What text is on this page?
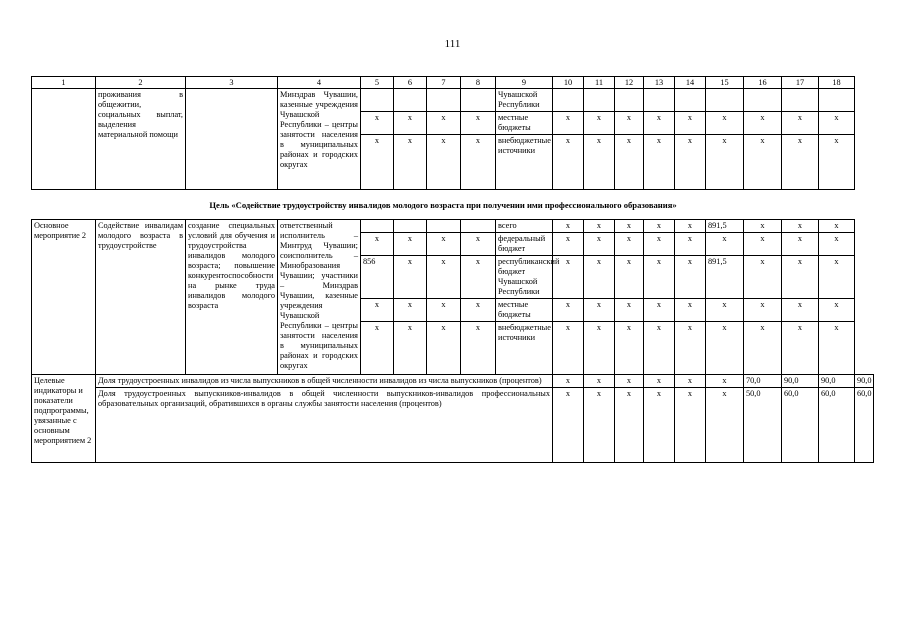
111
1	2	3	4	5	6	7	8	9	10	11	12	13	14	15	16	17	18	
	проживания в общежитии, социальных выплат, выделения материальной помощи		Минздрав Чувашии, казенные учреждения Чувашской Республики – центры занятости населения в муниципальных районах и городских округах					Чувашской Республики										
				x	x	x	x	местные бюджеты	x	x	x	x	x	x	x	x	x	
				x	x	x	x	внебюджетные источники	x	x	x	x	x	x	x	x	x	
Цель «Содействие трудоустройству инвалидов молодого возраста при получении ими профессионального образования»																		
Основное мероприятие 2	Содействие инвалидам молодого возраста в трудоустройстве	создание специальных условий для обучения и трудоустройства инвалидов молодого возраста; повышение конкурентоспособности на рынке труда инвалидов молодого возраста	ответственный исполнитель – Минтруд Чувашии; соисполнитель – Минобразования Чувашии; участники – Минздрав Чувашии, казенные учреждения Чувашской Республики – центры занятости населения в муниципальных районах и городских округах					всего	x	x	x	x	x	891,5	x	x	x	
				x	x	x	x	федеральный бюджет	x	x	x	x	x	x	x	x	x	
				856	x	x	x	республиканский бюджет Чувашской Республики	x	x	x	x	x	891,5	x	x	x	
				x	x	x	x	местные бюджеты	x	x	x	x	x	x	x	x	x	
				x	x	x	x	внебюджетные источники	x	x	x	x	x	x	x	x	x	
Целевые индикаторы и показатели подпрограммы, увязанные с основным мероприятием 2	Доля трудоустроенных инвалидов из числа выпускников в общей численности инвалидов из числа выпускников (процентов)								x	x	x	x	x	x	70,0	90,0	90,0	90,0
	Доля трудоустроенных выпускников-инвалидов в общей численности выпускников-инвалидов профессиональных образовательных организаций, обратившихся в органы службы занятости населения (процентов)								x	x	x	x	x	x	50,0	60,0	60,0	60,0
